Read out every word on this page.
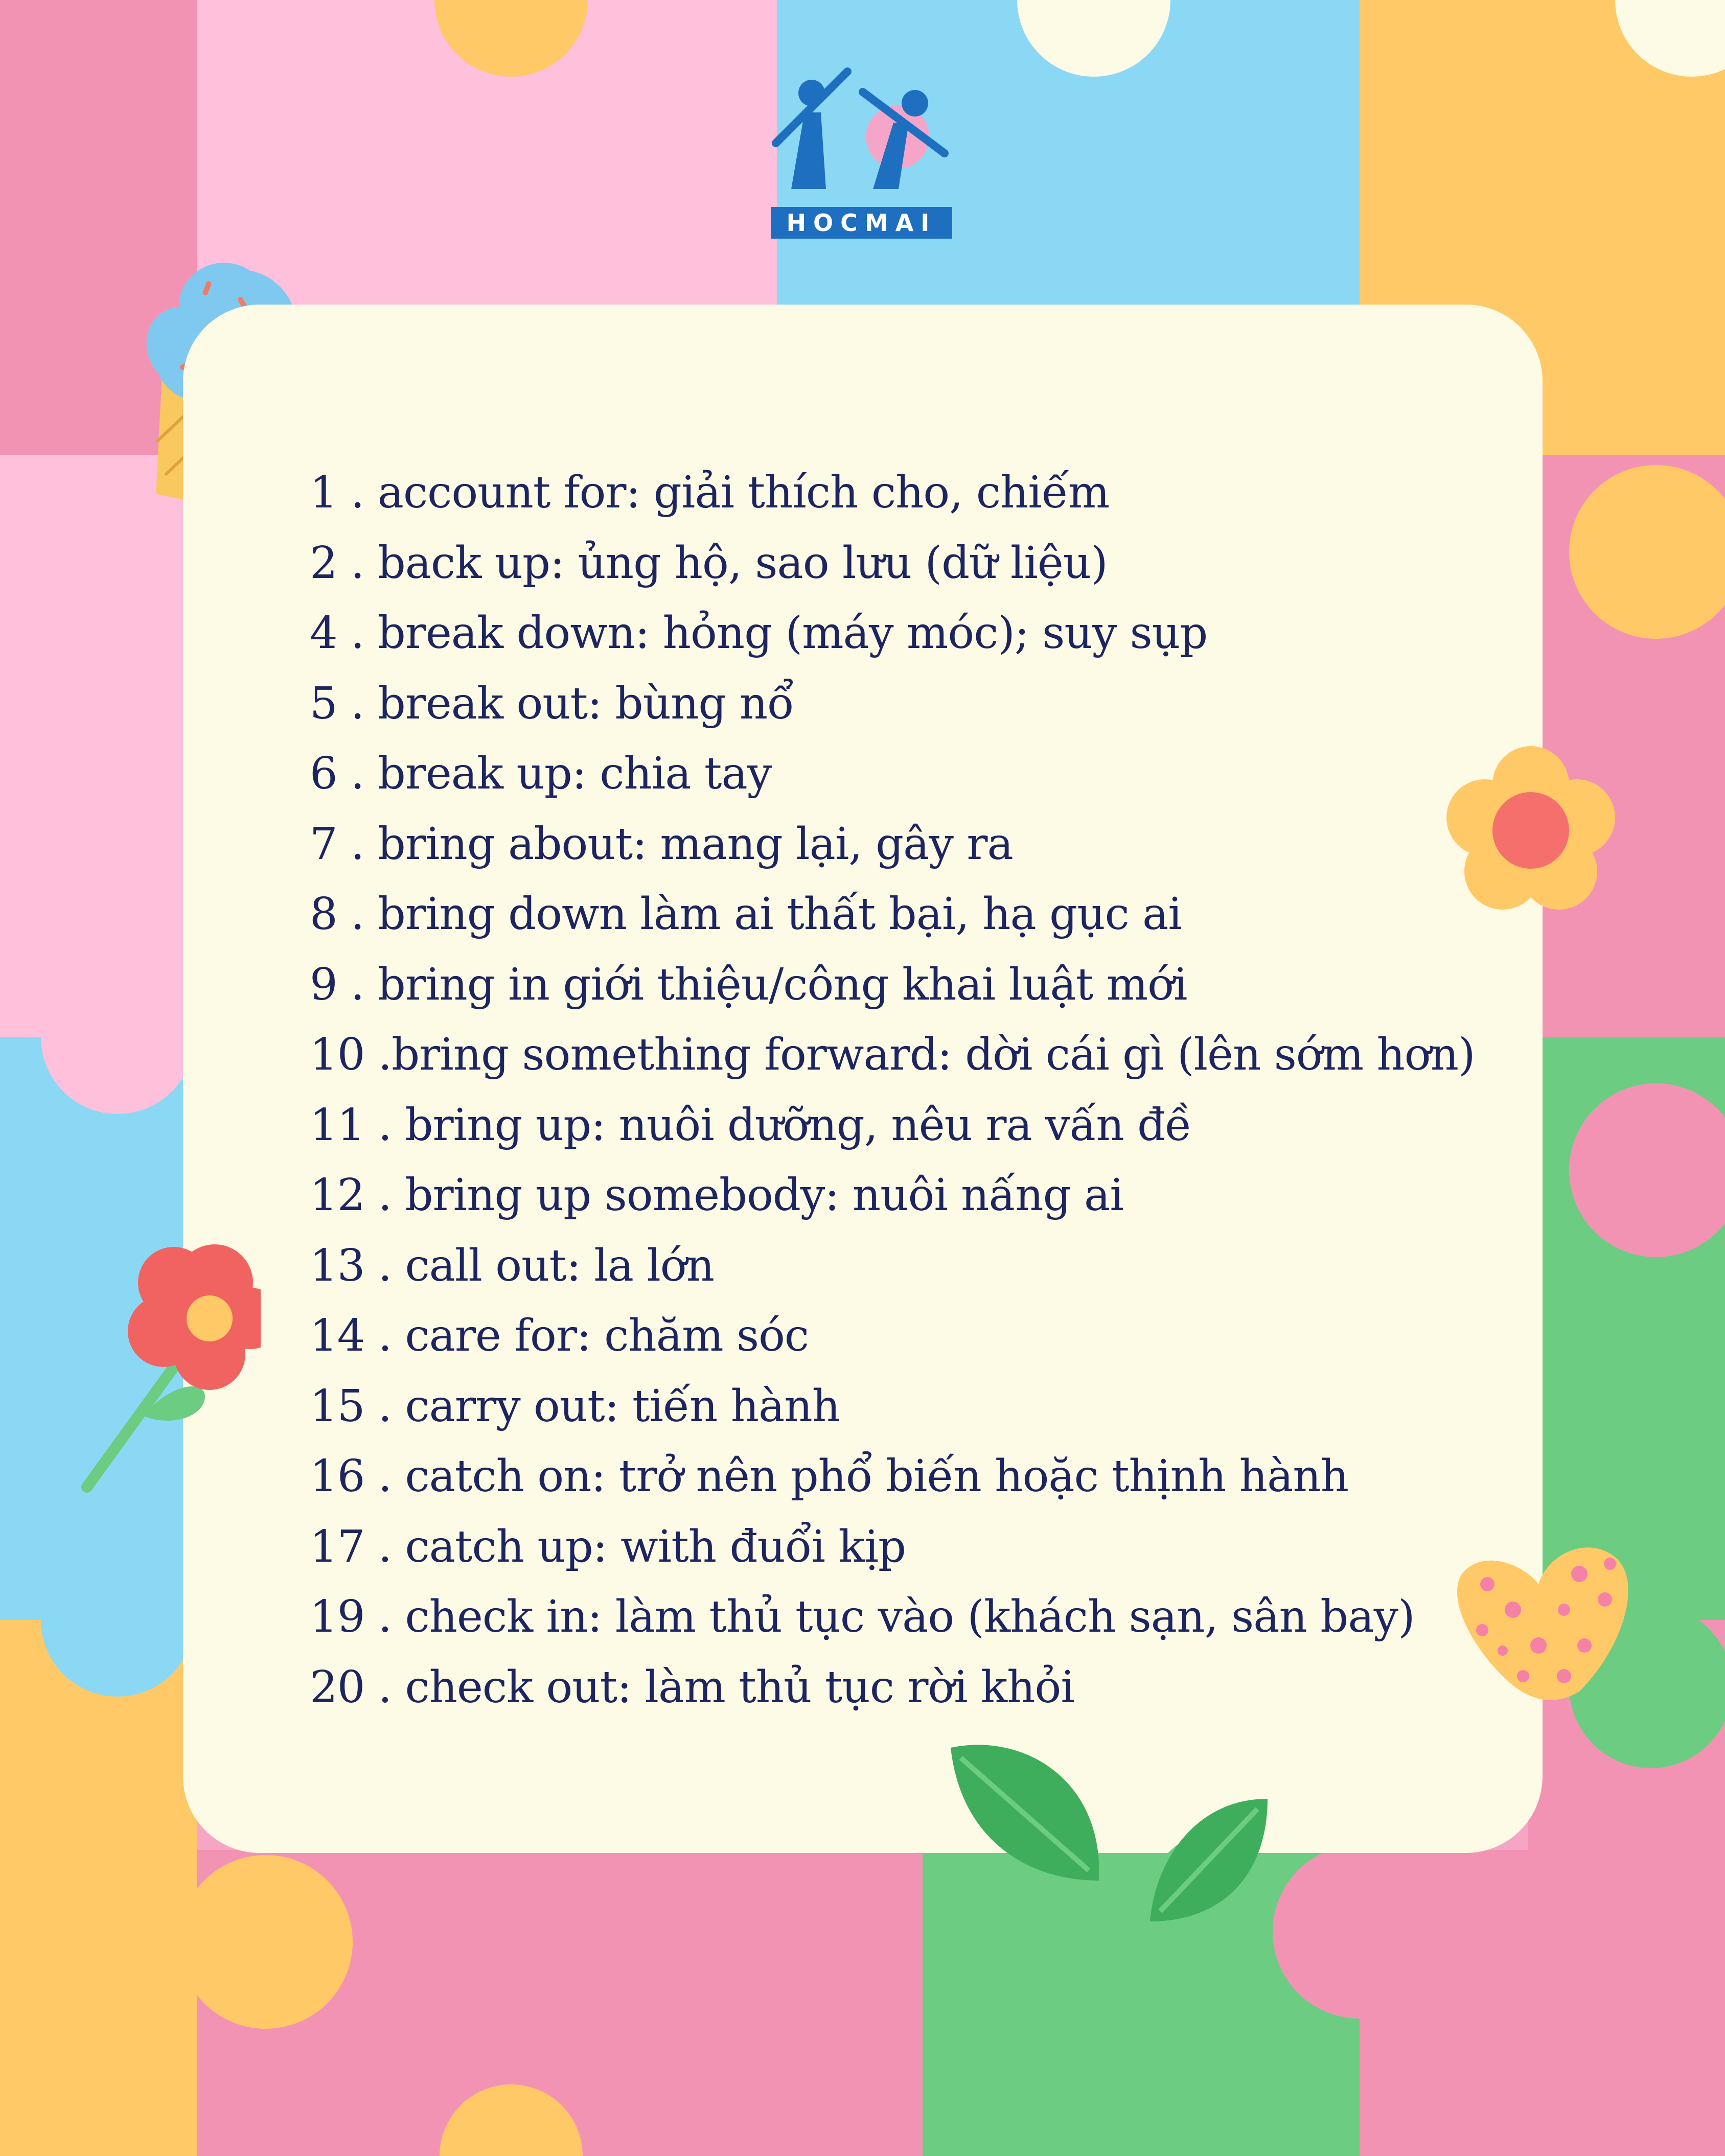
HOCMAI
1 . account for: giải thích cho, chiếm
2 . back up: ủng hộ, sao lưu (dữ liệu)
4 . break down: hỏng (máy móc); suy sụp
5 . break out: bùng nổ
6 . break up: chia tay
7 . bring about: mang lại, gây ra
8 . bring down làm ai thất bại, hạ gục ai
9 . bring in giới thiệu/công khai luật mới
10 .bring something forward: dời cái gì (lên sớm hơn)
11 . bring up: nuôi dưỡng, nêu ra vấn đề
12 . bring up somebody: nuôi nấng ai
13 . call out: la lớn
14 . care for: chăm sóc
15 . carry out: tiến hành
16 . catch on: trở nên phổ biến hoặc thịnh hành
17 . catch up: with đuổi kịp
19 . check in: làm thủ tục vào (khách sạn, sân bay)
20 . check out: làm thủ tục rời khỏi
